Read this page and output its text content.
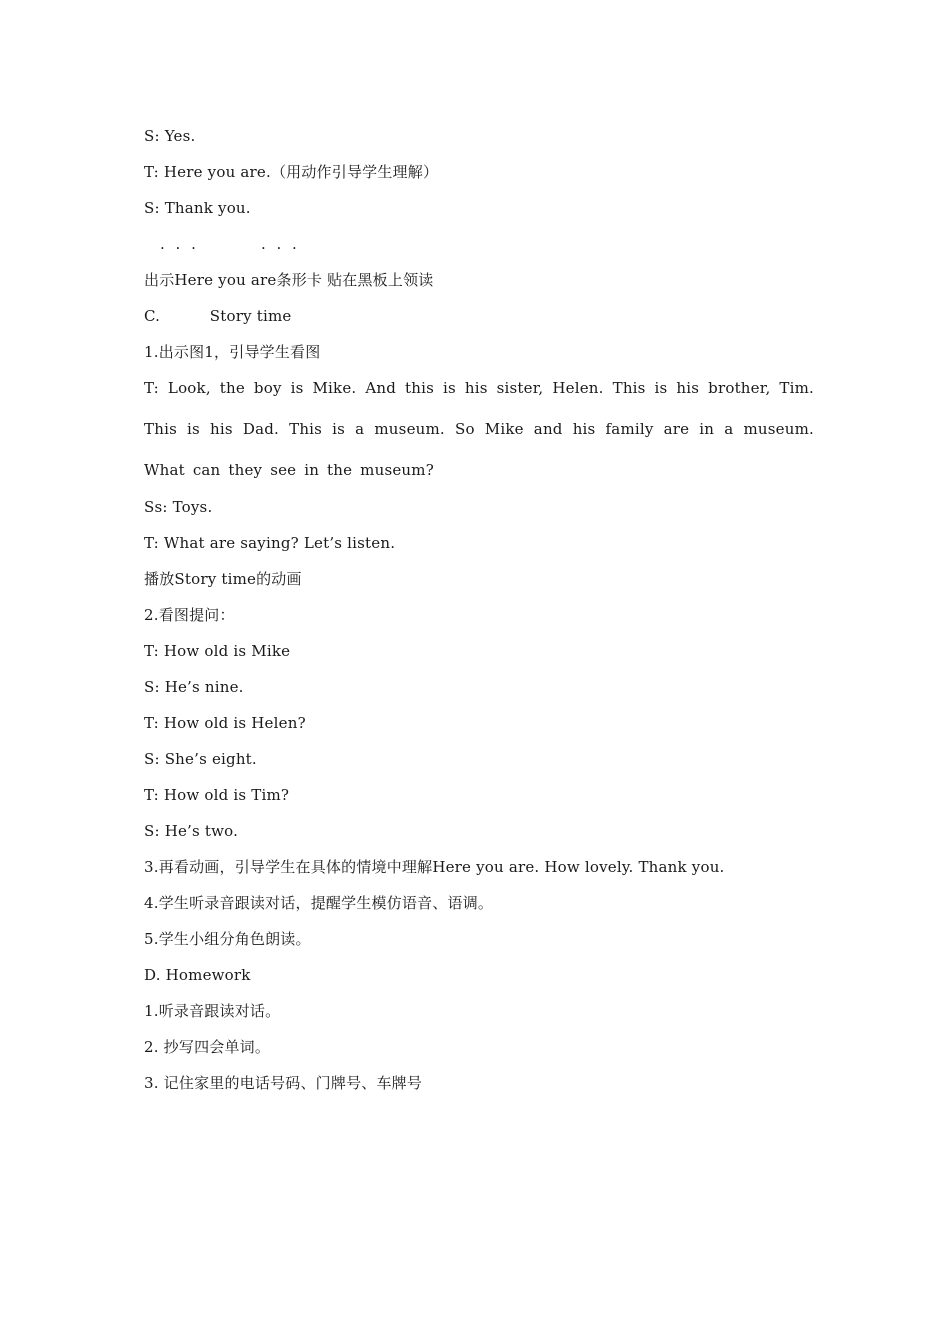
S: Yes.
T: Here you are.（用动作引导学生理解）
S: Thank you.
. . .        . . .
出示Here you are条形卡 贴在黑板上领读
C.          Story time
1.出示图1，引导学生看图
T: Look, the boy is Mike. And this is his sister, Helen. This is his brother, Tim. This is his Dad. This is a museum. So Mike and his family are in a museum. What can they see in the museum?
Ss: Toys.
T: What are saying? Let’s listen.
播放Story time的动画
2.看图提问：
T: How old is Mike
S: He’s nine.
T: How old is Helen?
S: She’s eight.
T: How old is Tim?
S: He’s two.
3.再看动画，引导学生在具体的情境中理解Here you are. How lovely. Thank you.
4.学生听录音跟读对话，提醒学生模仿语音、语调。
5.学生小组分角色朗读。
D. Homework
1.听录音跟读对话。
2. 抄写四会单词。
3. 记住家里的电话号码、门牌号、车牌号
